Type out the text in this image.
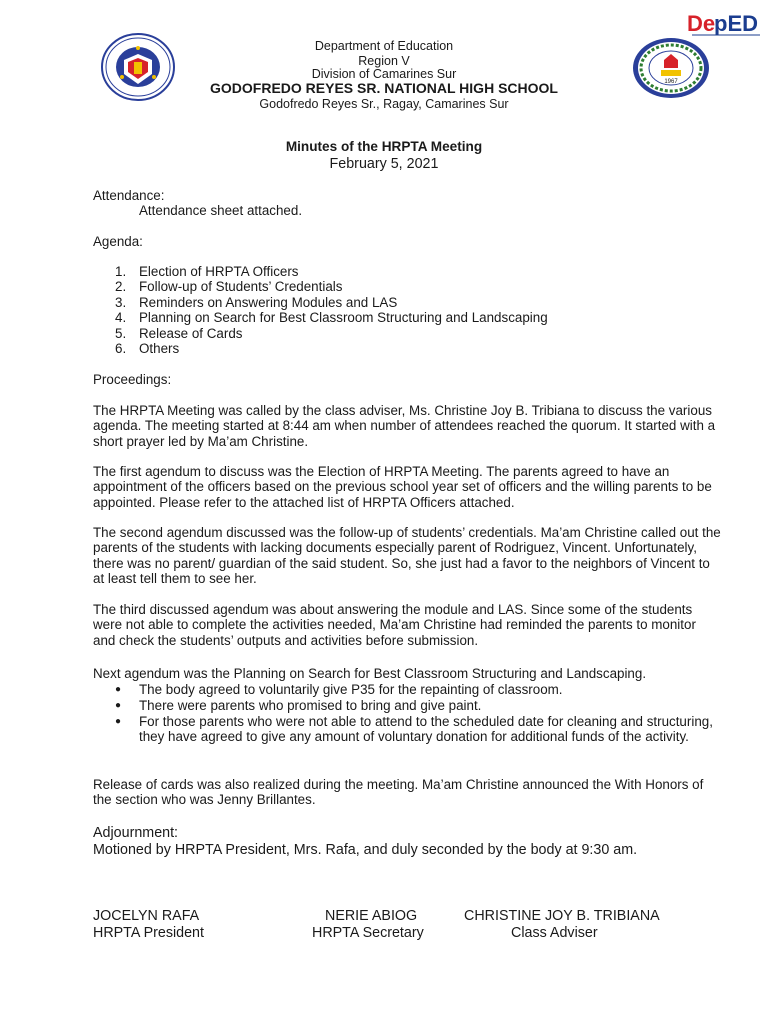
De
pED
1967
Department of Education
Region V
Division of Camarines Sur
GODOFREDO REYES SR. NATIONAL HIGH SCHOOL
Godofredo Reyes Sr., Ragay, Camarines Sur
Minutes of the HRPTA Meeting
February 5, 2021
Attendance:
Attendance sheet attached.
Agenda:
1. Election of HRPTA Officers
2. Follow-up of Students’ Credentials
3. Reminders on Answering Modules and LAS
4. Planning on Search for Best Classroom Structuring and Landscaping
5. Release of Cards
6. Others
Proceedings:
The HRPTA Meeting was called by the class adviser, Ms. Christine Joy B. Tribiana to discuss the various agenda. The meeting started at 8:44 am when number of attendees reached the quorum. It started with a short prayer led by Ma’am Christine.
The first agendum to discuss was the Election of HRPTA Meeting. The parents agreed to have an appointment of the officers based on the previous school year set of officers and the willing parents to be appointed. Please refer to the attached list of HRPTA Officers attached.
The second agendum discussed was the follow-up of students’ credentials. Ma’am Christine called out the parents of the students with lacking documents especially parent of Rodriguez, Vincent. Unfortunately, there was no parent/ guardian of the said student. So, she just had a favor to the neighbors of Vincent to at least tell them to see her.
The third discussed agendum was about answering the module and LAS. Since some of the students were not able to complete the activities needed, Ma’am Christine had reminded the parents to monitor and check the students’ outputs and activities before submission.
Next agendum was the Planning on Search for Best Classroom Structuring and Landscaping.
●	The body agreed to voluntarily give P35 for the repainting of classroom.
●	There were parents who promised to bring and give paint.
●	For those parents who were not able to attend to the scheduled date for cleaning and structuring, they have agreed to give any amount of voluntary donation for additional funds of the activity.
Release of cards was also realized during the meeting. Ma’am Christine announced the With Honors of the section who was Jenny Brillantes.
Adjournment:
Motioned by HRPTA President, Mrs. Rafa, and duly seconded by the body at 9:30 am.
JOCELYN RAFA
HRPTA President
NERIE ABIOG
HRPTA Secretary
CHRISTINE JOY B. TRIBIANA
Class Adviser
